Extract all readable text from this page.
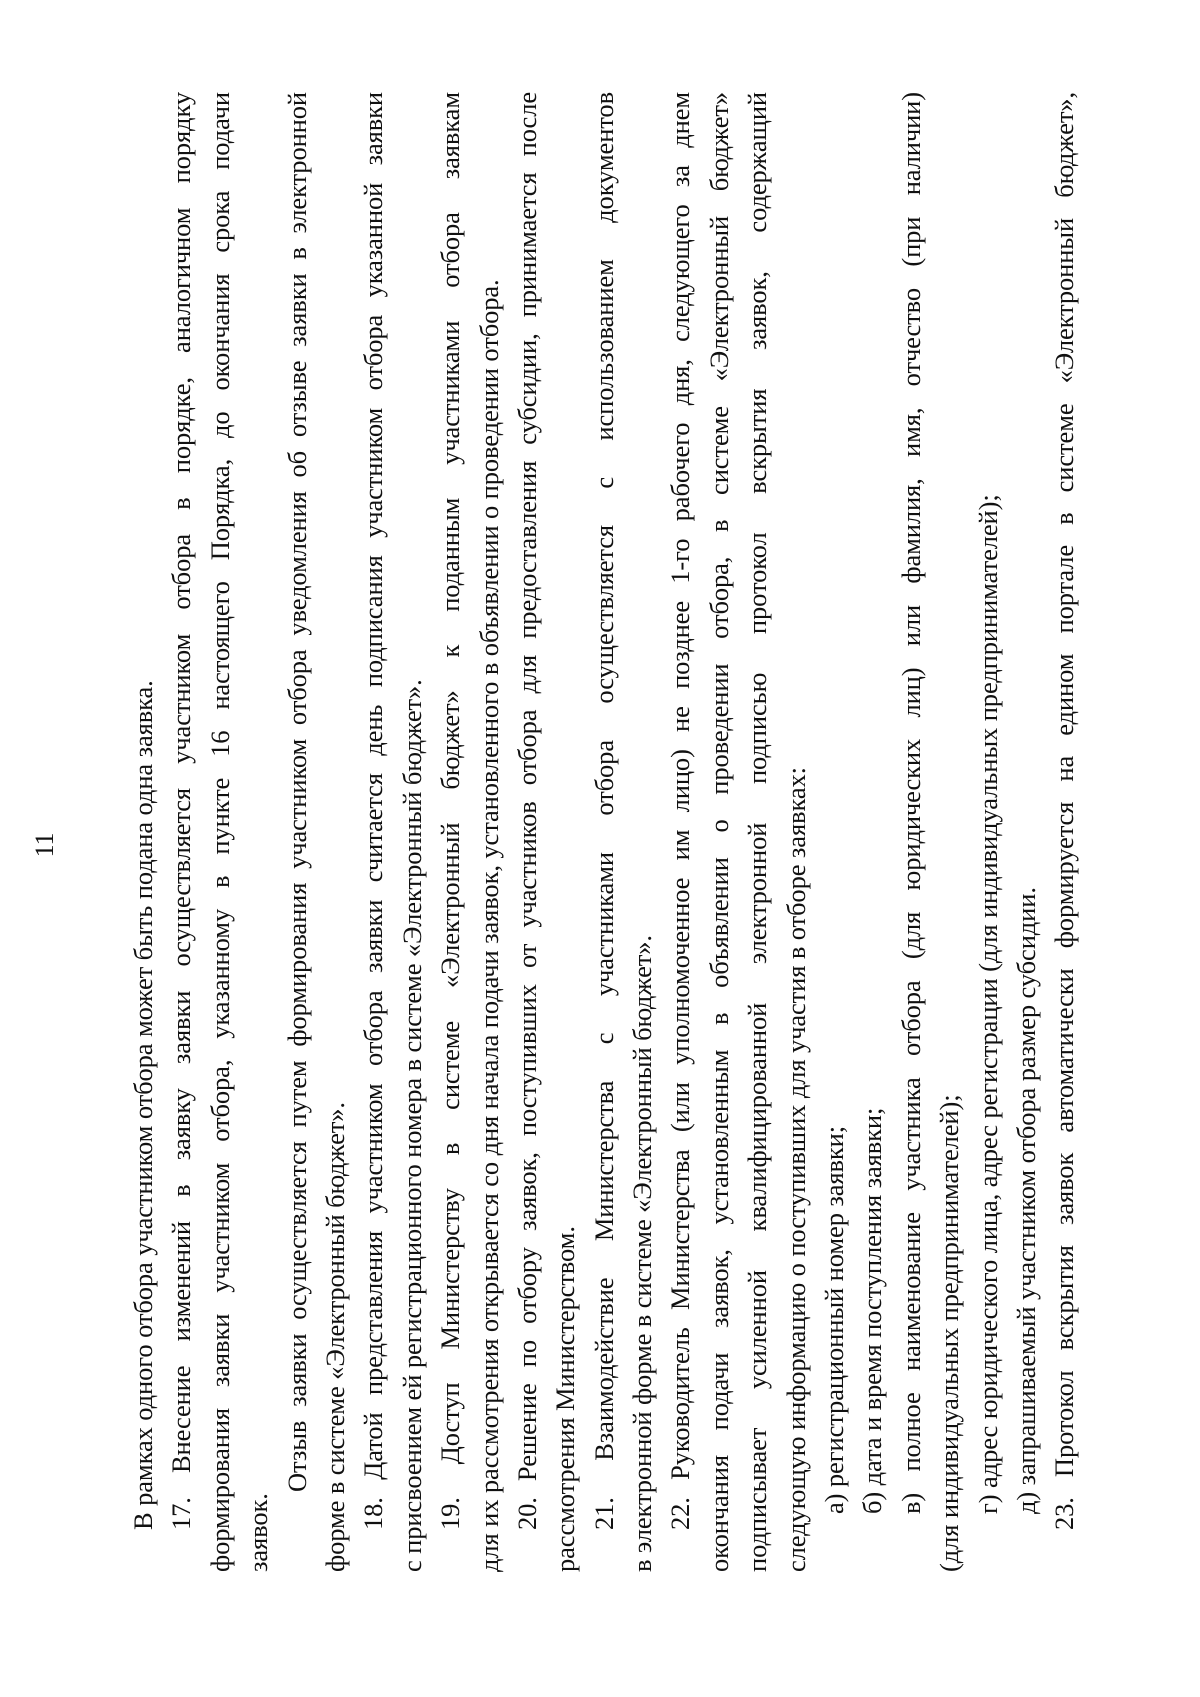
11	В рамках одного отбора участником отбора может быть подана одна заявка. 17. Внесение изменений в заявку заявки осуществляется участником отбора в порядке, аналогичном порядку формирования заявки участником отбора, указанному в пункте 16 настоящего Порядка, до окончания срока подачи заявок.
Отзыв заявки осуществляется путем формирования участником отбора уведомления об отзыве заявки в электронной форме в системе «Электронный бюджет». 18. Датой представления участником отбора заявки считается день подписания участником отбора указанной заявки с присвоением ей регистрационного номера в системе «Электронный бюджет». 19. Доступ Министерству в системе «Электронный бюджет» к поданным участниками отбора заявкам для их рассмотрения открывается со дня начала подачи заявок, установленного в объявлении о проведении отбора. 20. Решение по отбору заявок, поступивших от участников отбора для предоставления субсидии, принимается после рассмотрения Министерством. 21. Взаимодействие Министерства с участниками отбора осуществляется с использованием документов в электронной форме в системе «Электронный бюджет». 22. Руководитель Министерства (или уполномоченное им лицо) не позднее 1-го рабочего дня, следующего за днем окончания подачи заявок, установленным в объявлении о проведении отбора, в системе «Электронный бюджет» подписывает усиленной квалифицированной электронной подписью протокол вскрытия заявок, содержащий следующую информацию о поступивших для участия в отборе заявках: а) регистрационный номер заявки; б) дата и время поступления заявки; в) полное наименование участника отбора (для юридических лиц) или фамилия, имя, отчество (при наличии) (для индивидуальных предпринимателей); г) адрес юридического лица, адрес регистрации (для индивидуальных предпринимателей); д) запрашиваемый участником отбора размер субсидии. 23. Протокол вскрытия заявок автоматически формируется на едином портале в системе «Электронный бюджет»,
